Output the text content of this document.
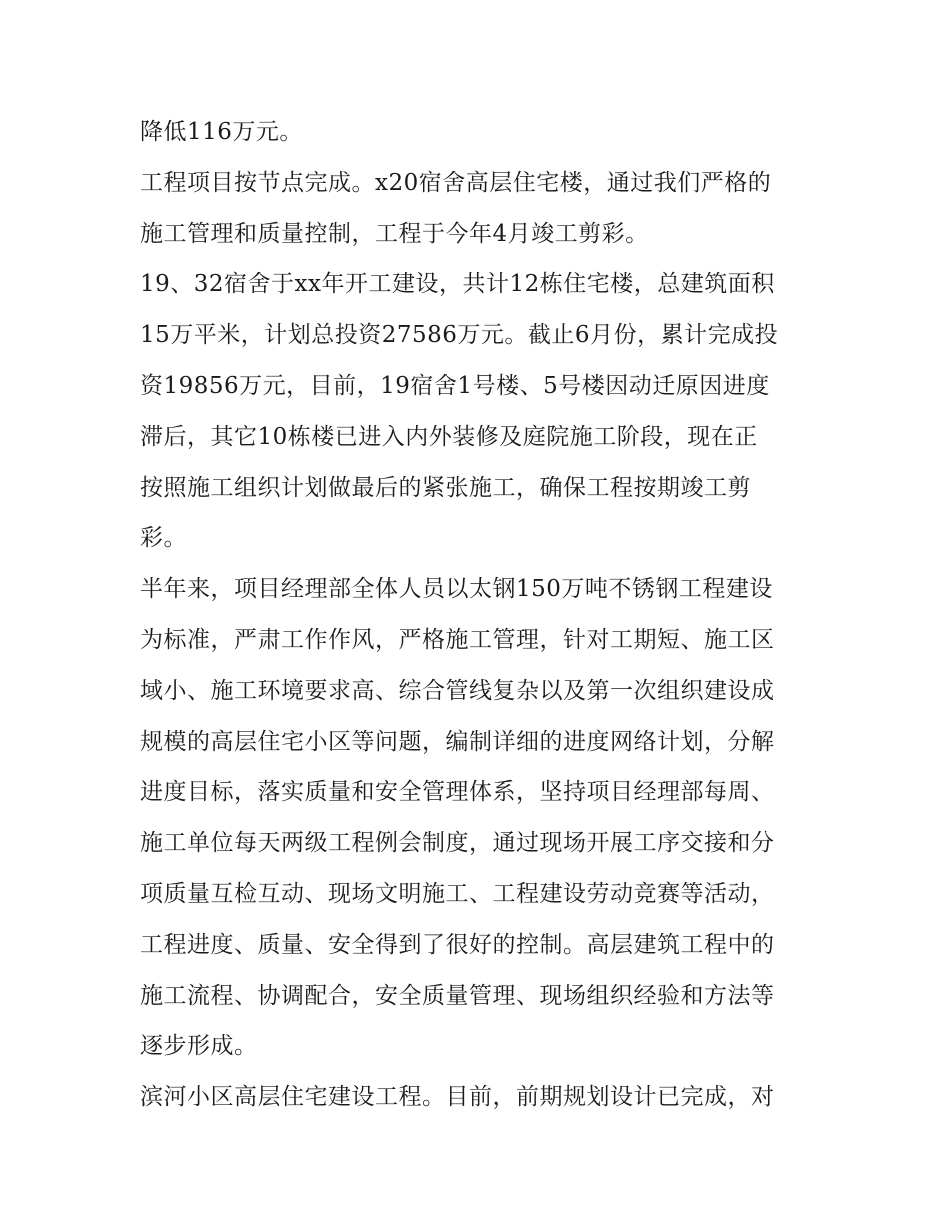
降低116万元。
工程项目按节点完成。x20宿舍高层住宅楼，通过我们严格的
施工管理和质量控制，工程于今年4月竣工剪彩。
19、32宿舍于xx年开工建设，共计12栋住宅楼，总建筑面积
15万平米，计划总投资27586万元。截止6月份，累计完成投
资19856万元，目前，19宿舍1号楼、5号楼因动迁原因进度
滞后，其它10栋楼已进入内外装修及庭院施工阶段，现在正
按照施工组织计划做最后的紧张施工，确保工程按期竣工剪
彩。
半年来，项目经理部全体人员以太钢150万吨不锈钢工程建设
为标准，严肃工作作风，严格施工管理，针对工期短、施工区
域小、施工环境要求高、综合管线复杂以及第一次组织建设成
规模的高层住宅小区等问题，编制详细的进度网络计划，分解
进度目标，落实质量和安全管理体系，坚持项目经理部每周、
施工单位每天两级工程例会制度，通过现场开展工序交接和分
项质量互检互动、现场文明施工、工程建设劳动竞赛等活动，
工程进度、质量、安全得到了很好的控制。高层建筑工程中的
施工流程、协调配合，安全质量管理、现场组织经验和方法等
逐步形成。
滨河小区高层住宅建设工程。目前，前期规划设计已完成，对
